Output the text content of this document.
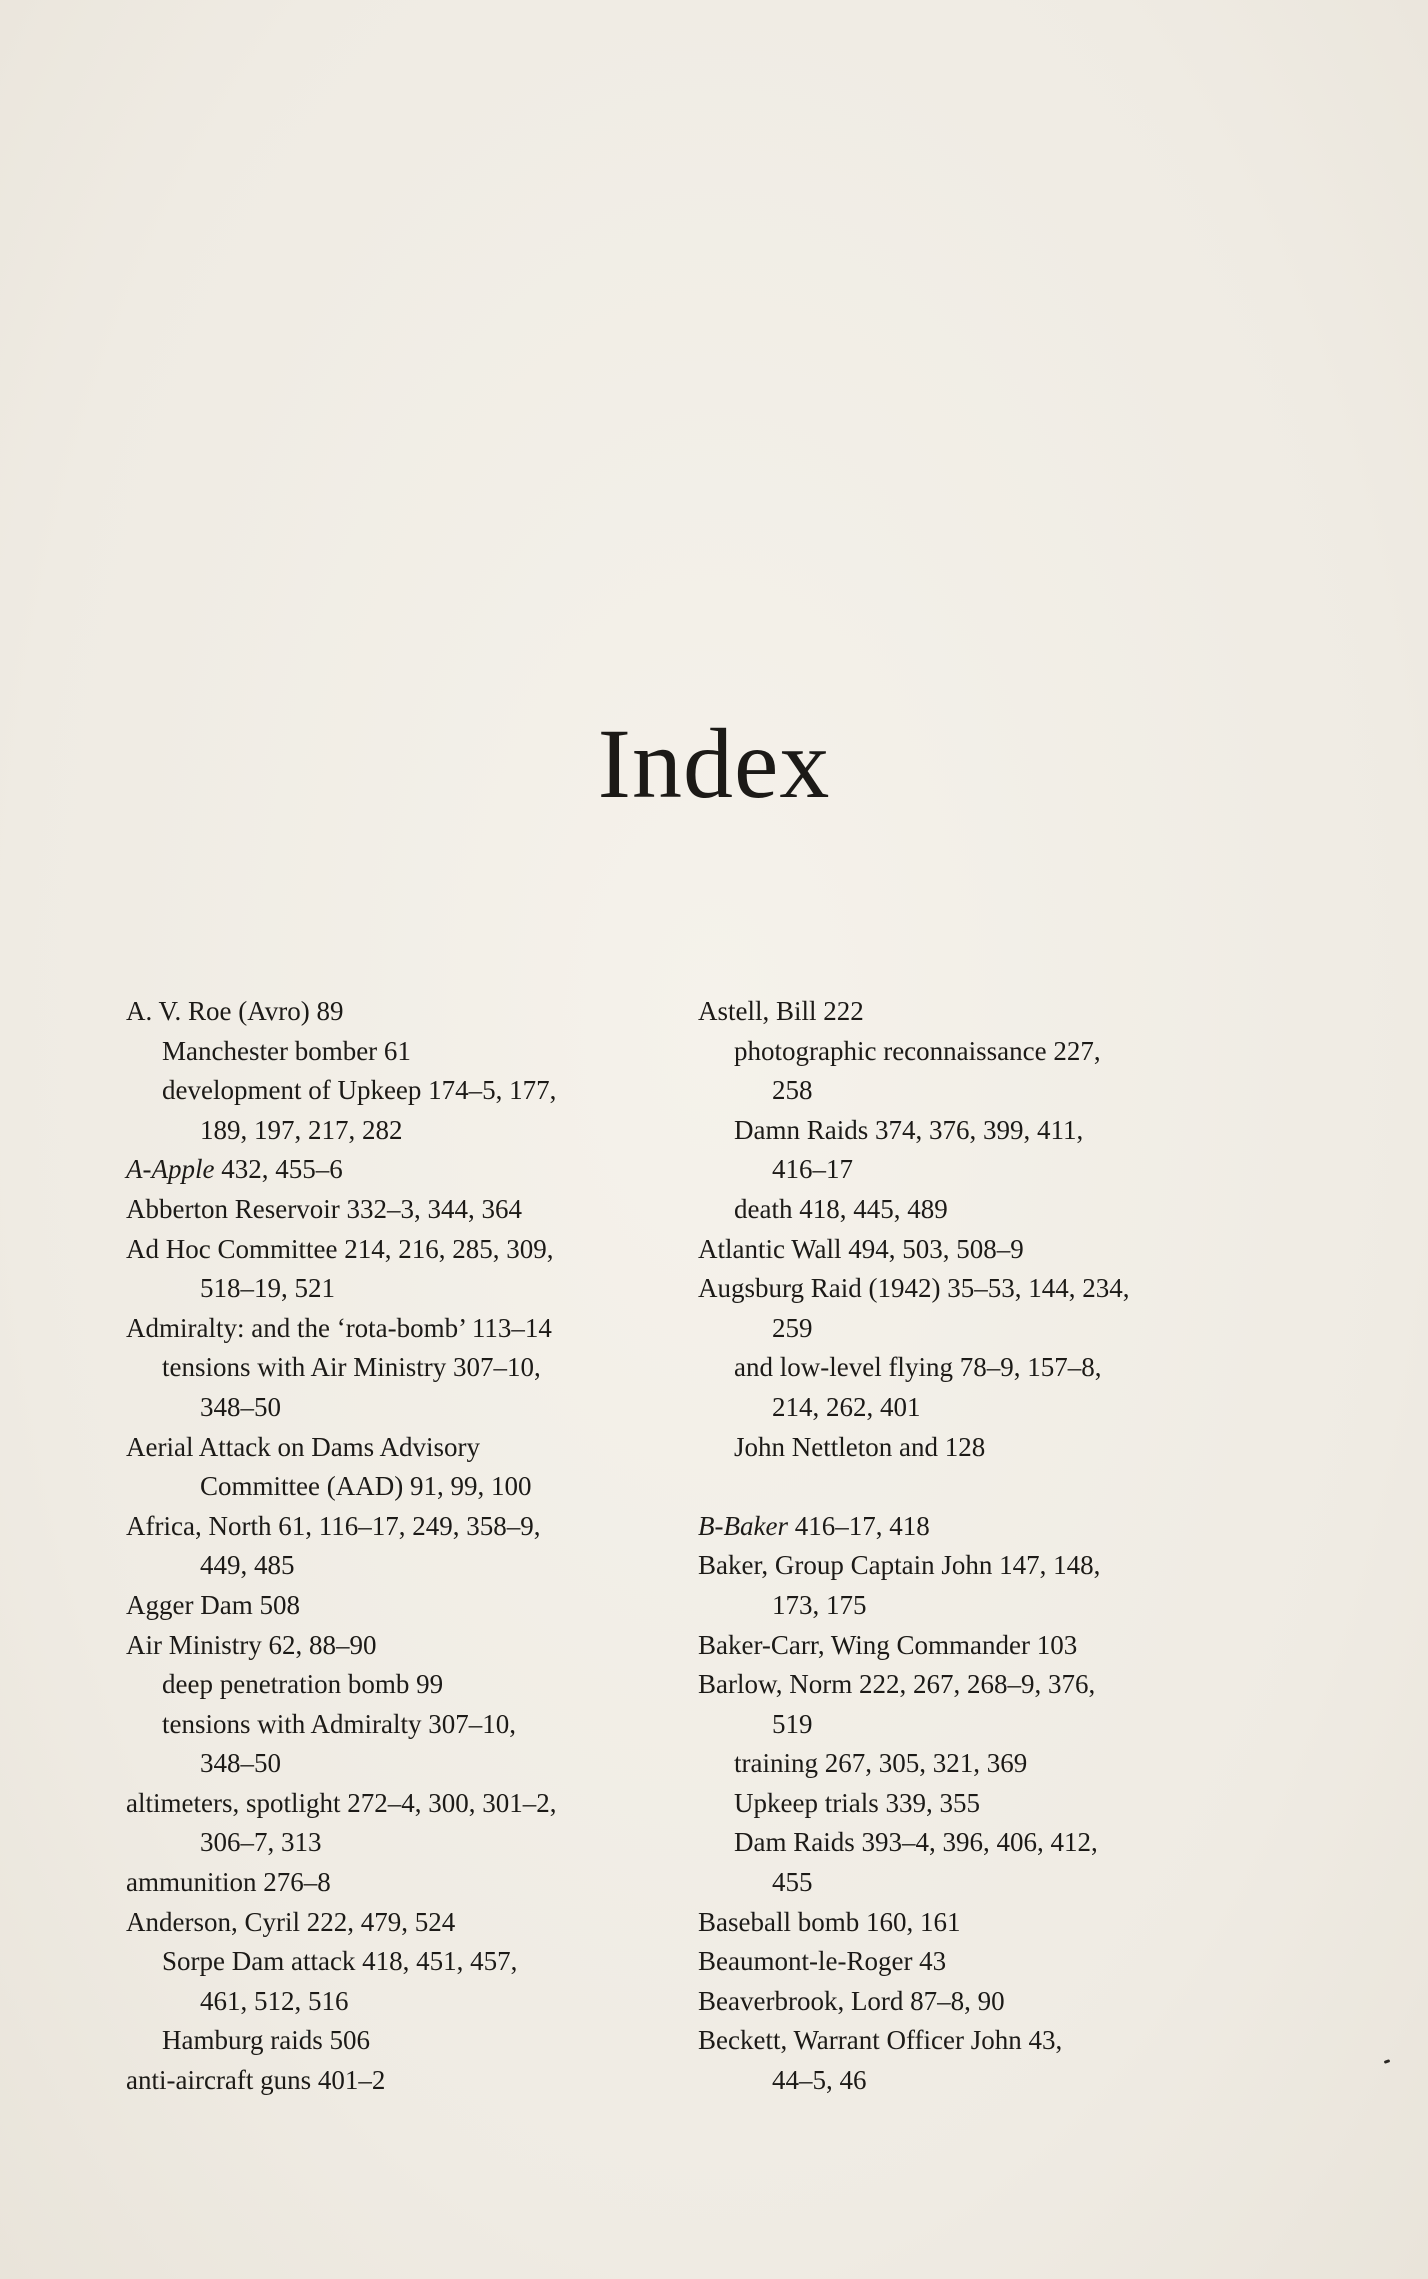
Index
A. V. Roe (Avro) 89
Manchester bomber 61
development of Upkeep 174–5, 177,
189, 197, 217, 282
A-Apple 432, 455–6
Abberton Reservoir 332–3, 344, 364
Ad Hoc Committee 214, 216, 285, 309,
518–19, 521
Admiralty: and the ‘rota-bomb’ 113–14
tensions with Air Ministry 307–10,
348–50
Aerial Attack on Dams Advisory
Committee (AAD) 91, 99, 100
Africa, North 61, 116–17, 249, 358–9,
449, 485
Agger Dam 508
Air Ministry 62, 88–90
deep penetration bomb 99
tensions with Admiralty 307–10,
348–50
altimeters, spotlight 272–4, 300, 301–2,
306–7, 313
ammunition 276–8
Anderson, Cyril 222, 479, 524
Sorpe Dam attack 418, 451, 457,
461, 512, 516
Hamburg raids 506
anti-aircraft guns 401–2
Astell, Bill 222
photographic reconnaissance 227,
258
Damn Raids 374, 376, 399, 411,
416–17
death 418, 445, 489
Atlantic Wall 494, 503, 508–9
Augsburg Raid (1942) 35–53, 144, 234,
259
and low-level flying 78–9, 157–8,
214, 262, 401
John Nettleton and 128
B-Baker 416–17, 418
Baker, Group Captain John 147, 148,
173, 175
Baker-Carr, Wing Commander 103
Barlow, Norm 222, 267, 268–9, 376,
519
training 267, 305, 321, 369
Upkeep trials 339, 355
Dam Raids 393–4, 396, 406, 412,
455
Baseball bomb 160, 161
Beaumont-le-Roger 43
Beaverbrook, Lord 87–8, 90
Beckett, Warrant Officer John 43,
44–5, 46
